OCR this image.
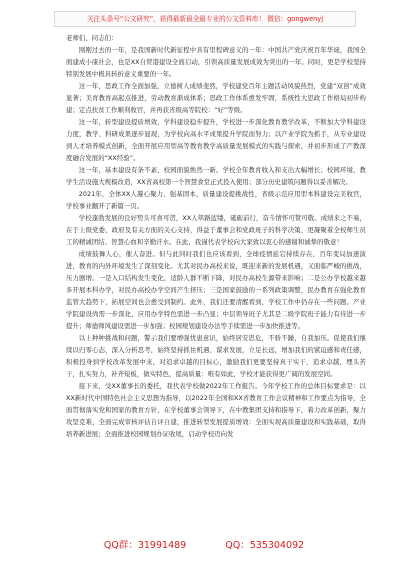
关注头条号“公文研究”，获得最新最全最专业的公文资料库！ 微信：gongwenyj

老师们、同志们：

刚刚过去的一年，是我国新时代新征程中具有里程碑意义的一年：中国共产党庆祝百年华诞，我国全面建成小康社会，也是XX自贸港建设全面启动，引领高质量发展成效为突出的一年。同时，更是学校坚持特别发展中极具转折意义重要的一年。

这一年，思政工作全面加强，立德树人成绩斐然，学校建党百年主题活动风貌热烈，党建“双创”成效显著；美育教育高起点推进，劳动教育渐成体系；思政工作体系愈发牢固，系统性大思政工作格局初步构建；定点扶贫工作顺利收官，并再获省级高等院校：“好”等级。

这一年，转型建设提质增效，学科建设稳步提升，学校进一步深化教育教学改革，不断加大学科建设力度，教学、科研成果逐步显现，为学校向高水平成果提升学院而努力；以产业学院为抓手，从专业建设到人才培养模式创新，全面开展应用型高等教育教学高质量发展模式的实践与探索，并初步形成了产教深度融合发展的“XX经验”。

这一年，基本建设有条不紊，校园面貌焕然一新。学校全年教育收入和支出大幅增长；校园环境、教学生活设施大规模改造，XX省高校第一个智慧食堂正式投入使用；部分历史建筑问题得以妥善解决。

2021年，全体XX人凝心聚力、强基固本，质量建设提挑战性，省级示范应用型本科建设完美收官，学校事业翻开了新篇一页。

学校蓬勃发展的良好势头可喜可贺，XX人筚路蓝缕，砥砺前行，奋斗情怀可赞可敬。成绩来之不易，在于上级党委、政府及有关方面的关心支持，得益于董事会和党政班子的科学决策，更凝聚着全校师生员工的精诚团结、智慧心血和辛勤汗水。在此，我谨代表学校向大家致以衷心的感谢和诚挚的敬意！

成绩鼓舞人心，催人奋进。但与此同时我们也应该看到，全球疫情延宕持续存在，百年变局加速演进，教育的内外环境发生了深刻变化。尤其对民办高校来说，既迎来新的发展机遇，又面临严峻的挑战，压力剧增。一是入口结构发生变化，适龄人群不断下降，对民办高校生源带来影响；二是公办学校越来越多开展本科办学，对民办高校办学空间产生挤压；三是国家鼓励的一系列政策调整，民办教育在强化教育监管大趋势下，拓展空间也会愈受到制约。此外，我们还要清醒看到，学校工作中仍存在一些问题。产业学院建设尚需一步深化，应用办学特色需进一步凸显；中层领导班子尤其是二级学院班子能力有待进一步提升；师德师风建设需进一步加强；校园规划建设办法等手续需进一步加快推进等。

以上种种挑战和问题，警示我们要增强忧患意识，始终居安思危，不骄不躁，自我加压。促使我们继续以归零心态，深入分析思考，始终坚持抓住机遇、谋求发展，立足长远，增加我们的紧迫感和责任感，积极投身到学校改革发展中来，对追求卓越的目标心，激励我们更要坚持真干实干，追求卓越，埋头苦干，扎实努力，补齐短板，做实特色，提高质量：唯有如此，学校才能获得更广阔的发展空间。

接下来，受XX董事长的委托，我代表学校做2022年工作报告。今年学校工作的总体目标要求是：以XX新时代中国特色社会主义思想为指导，以2022年全国和XX省教育工作会议精神和工作要点为指导，全面贯彻落实党和国家的教育方针，在学校董事会领导下，在中教集团支持和指导下，着力改革创新，聚力攻坚克难，全面完成审核评估自评自建，推进转型发展提质增效：全面实现高质量建设和实践基础，取得培养新进展；全面推进校园规划办证收尾，启动学校迈向发

QQ群：31991489	QQ：535304092
